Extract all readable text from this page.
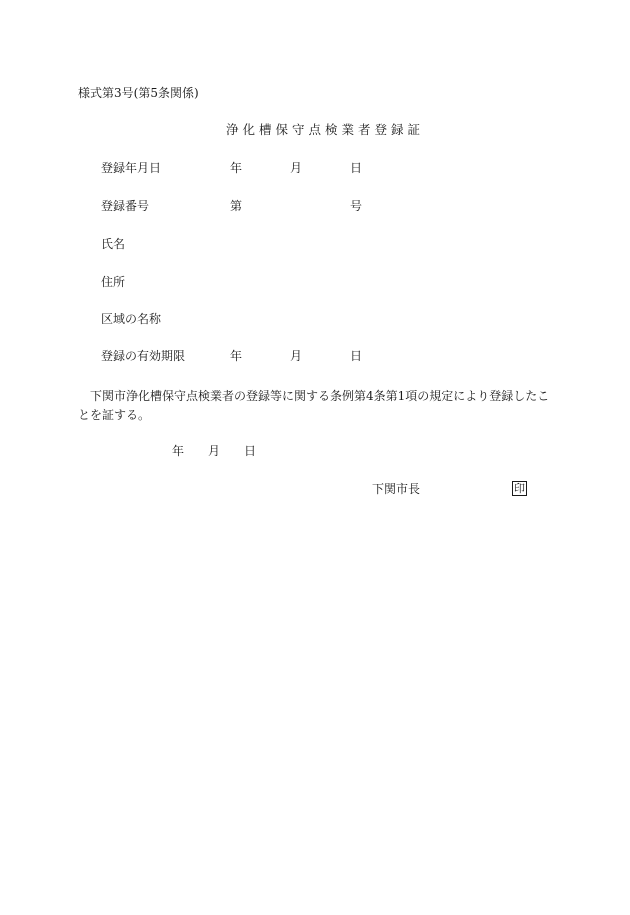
様式第3号(第5条関係)
浄化槽保守点検業者登録証
登録年月日	年	月	日
登録番号	第	号
氏名
住所
区域の名称
登録の有効期限	年	月	日
下関市浄化槽保守点検業者の登録等に関する条例第4条第1項の規定により登録したことを証する。
年 月 日
下関市長	印
